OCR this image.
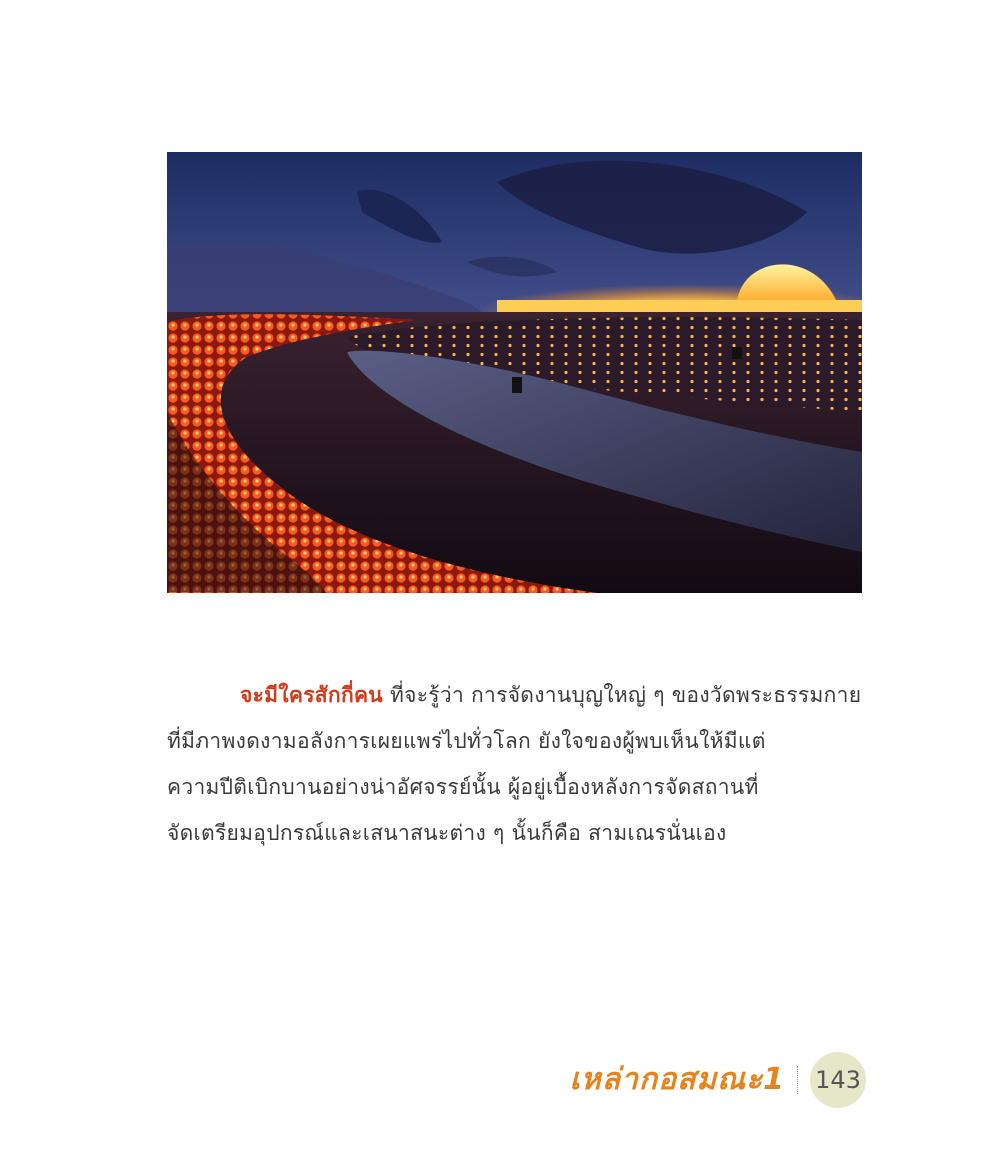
จะมีใครสักกี่คน ที่จะรู้ว่า การจัดงานบุญใหญ่ ๆ ของวัดพระธรรมกาย
ที่มีภาพงดงามอลังการเผยแพร่ไปทั่วโลก ยังใจของผู้พบเห็นให้มีแต่
ความปีติเบิกบานอย่างน่าอัศจรรย์นั้น ผู้อยู่เบื้องหลังการจัดสถานที่
จัดเตรียมอุปกรณ์และเสนาสนะต่าง ๆ นั้นก็คือ สามเณรนั่นเอง
เหล่ากอสมณะ1 143
